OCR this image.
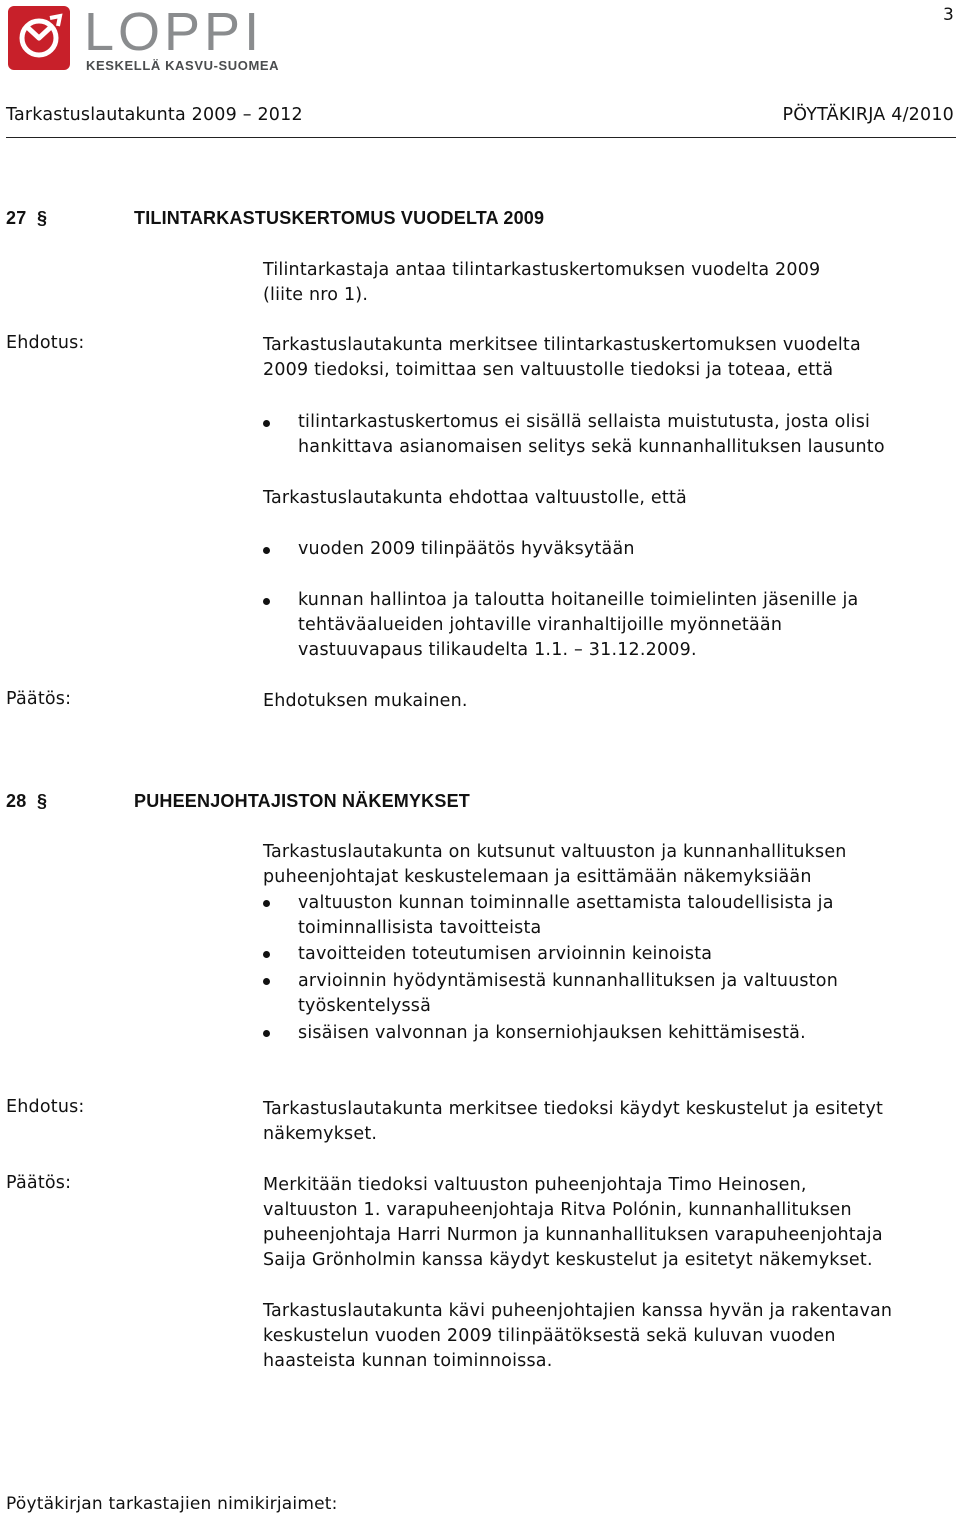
LOPPI
KESKELLÄ KASVU-SUOMEA
3
Tarkastuslautakunta 2009 – 2012	PÖYTÄKIRJA 4/2010
27 §	TILINTARKASTUSKERTOMUS VUODELTA 2009
Tilintarkastaja antaa tilintarkastuskertomuksen vuodelta 2009
(liite nro 1).
Ehdotus:	Tarkastuslautakunta merkitsee tilintarkastuskertomuksen vuodelta
2009 tiedoksi, toimittaa sen valtuustolle tiedoksi ja toteaa, että
tilintarkastuskertomus ei sisällä sellaista muistutusta, josta olisi
hankittava asianomaisen selitys sekä kunnanhallituksen lausunto
Tarkastuslautakunta ehdottaa valtuustolle, että
vuoden 2009 tilinpäätös hyväksytään
kunnan hallintoa ja taloutta hoitaneille toimielinten jäsenille ja
tehtäväalueiden johtaville viranhaltijoille myönnetään
vastuuvapaus tilikaudelta 1.1. – 31.12.2009.
Päätös:	Ehdotuksen mukainen.
28 §	PUHEENJOHTAJISTON NÄKEMYKSET
Tarkastuslautakunta on kutsunut valtuuston ja kunnanhallituksen
puheenjohtajat keskustelemaan ja esittämään näkemyksiään
valtuuston kunnan toiminnalle asettamista taloudellisista ja
toiminnallisista tavoitteista
tavoitteiden toteutumisen arvioinnin keinoista
arvioinnin hyödyntämisestä kunnanhallituksen ja valtuuston
työskentelyssä
sisäisen valvonnan ja konserniohjauksen kehittämisestä.
Ehdotus:	Tarkastuslautakunta merkitsee tiedoksi käydyt keskustelut ja esitetyt
näkemykset.
Päätös:	Merkitään tiedoksi valtuuston puheenjohtaja Timo Heinosen,
valtuuston 1. varapuheenjohtaja Ritva Polónin, kunnanhallituksen
puheenjohtaja Harri Nurmon ja kunnanhallituksen varapuheenjohtaja
Saija Grönholmin kanssa käydyt keskustelut ja esitetyt näkemykset.
Tarkastuslautakunta kävi puheenjohtajien kanssa hyvän ja rakentavan
keskustelun vuoden 2009 tilinpäätöksestä sekä kuluvan vuoden
haasteista kunnan toiminnoissa.
Pöytäkirjan tarkastajien nimikirjaimet:
